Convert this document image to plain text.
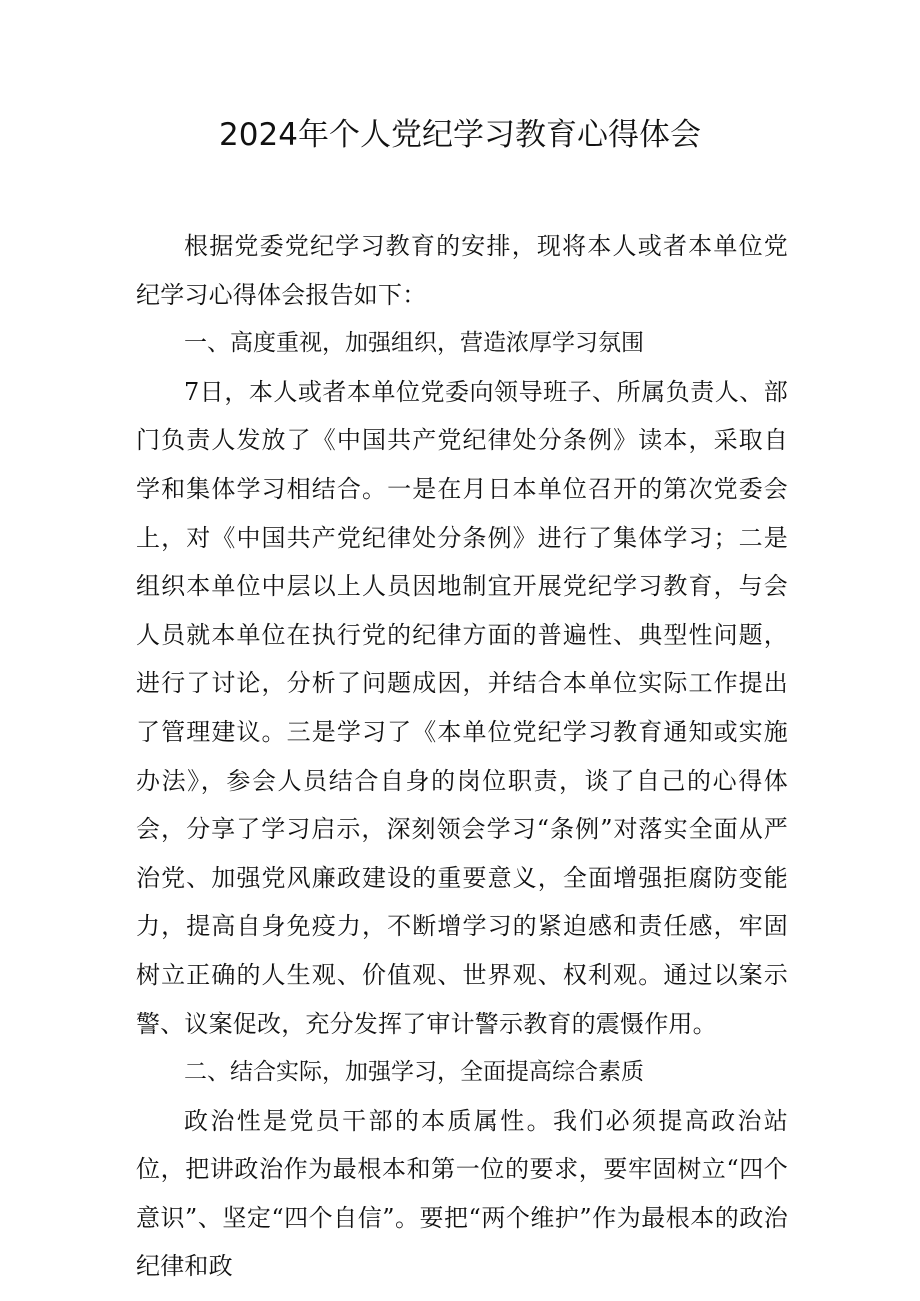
2024年个人党纪学习教育心得体会

根据党委党纪学习教育的安排，现将本人或者本单位党纪学习心得体会报告如下：

一、高度重视，加强组织，营造浓厚学习氛围

7日，本人或者本单位党委向领导班子、所属负责人、部门负责人发放了《中国共产党纪律处分条例》读本，采取自学和集体学习相结合。一是在月日本单位召开的第次党委会上，对《中国共产党纪律处分条例》进行了集体学习；二是组织本单位中层以上人员因地制宜开展党纪学习教育，与会人员就本单位在执行党的纪律方面的普遍性、典型性问题，进行了讨论，分析了问题成因，并结合本单位实际工作提出了管理建议。三是学习了《本单位党纪学习教育通知或实施办法》，参会人员结合自身的岗位职责，谈了自己的心得体会，分享了学习启示，深刻领会学习“条例”对落实全面从严治党、加强党风廉政建设的重要意义，全面增强拒腐防变能力，提高自身免疫力，不断增学习的紧迫感和责任感，牢固树立正确的人生观、价值观、世界观、权利观。通过以案示警、议案促改，充分发挥了审计警示教育的震慑作用。

二、结合实际，加强学习，全面提高综合素质

政治性是党员干部的本质属性。我们必须提高政治站位，把讲政治作为最根本和第一位的要求，要牢固树立“四个意识”、坚定“四个自信”。要把“两个维护”作为最根本的政治纪律和政
